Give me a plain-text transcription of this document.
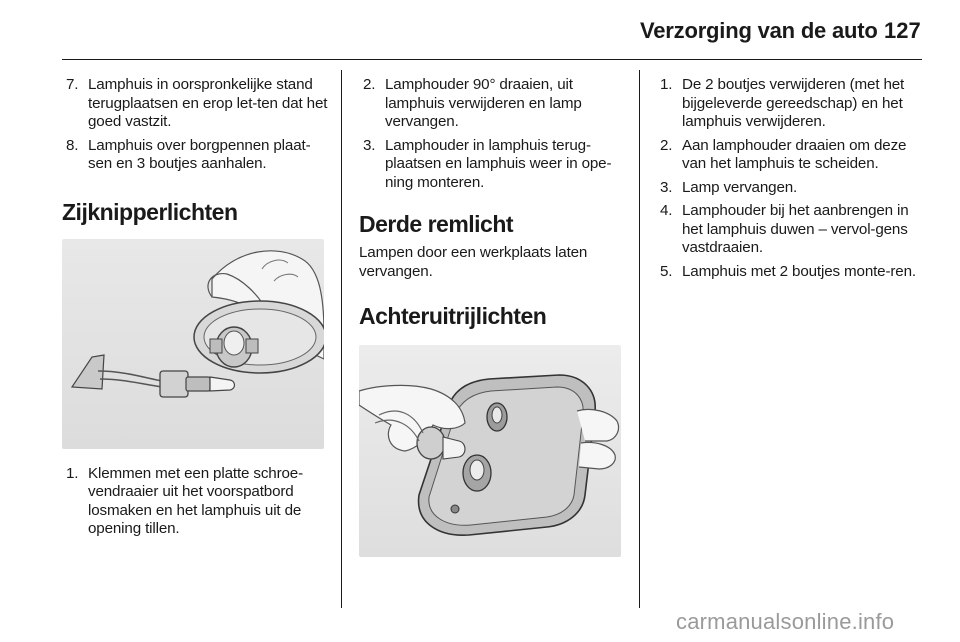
Verzorging van de auto 127
7. Lamphuis in oorspronkelijke stand terugplaatsen en erop let-ten dat het goed vastzit.
8. Lamphuis over borgpennen plaat-sen en 3 boutjes aanhalen.
Zijknipperlichten
1. Klemmen met een platte schroe-vendraaier uit het voorspatbord losmaken en het lamphuis uit de opening tillen.
2. Lamphouder 90° draaien, uit lamphuis verwijderen en lamp vervangen.
3. Lamphouder in lamphuis terug-plaatsen en lamphuis weer in ope-ning monteren.
Derde remlicht

Lampen door een werkplaats laten vervangen.

Achteruitrijlichten
1. De 2 boutjes verwijderen (met het bijgeleverde gereedschap) en het lamphuis verwijderen.
2. Aan lamphouder draaien om deze van het lamphuis te scheiden.
3. Lamp vervangen.
4. Lamphouder bij het aanbrengen in het lamphuis duwen – vervol-gens vastdraaien.
5. Lamphuis met 2 boutjes monte-ren.
carmanualsonline.info
